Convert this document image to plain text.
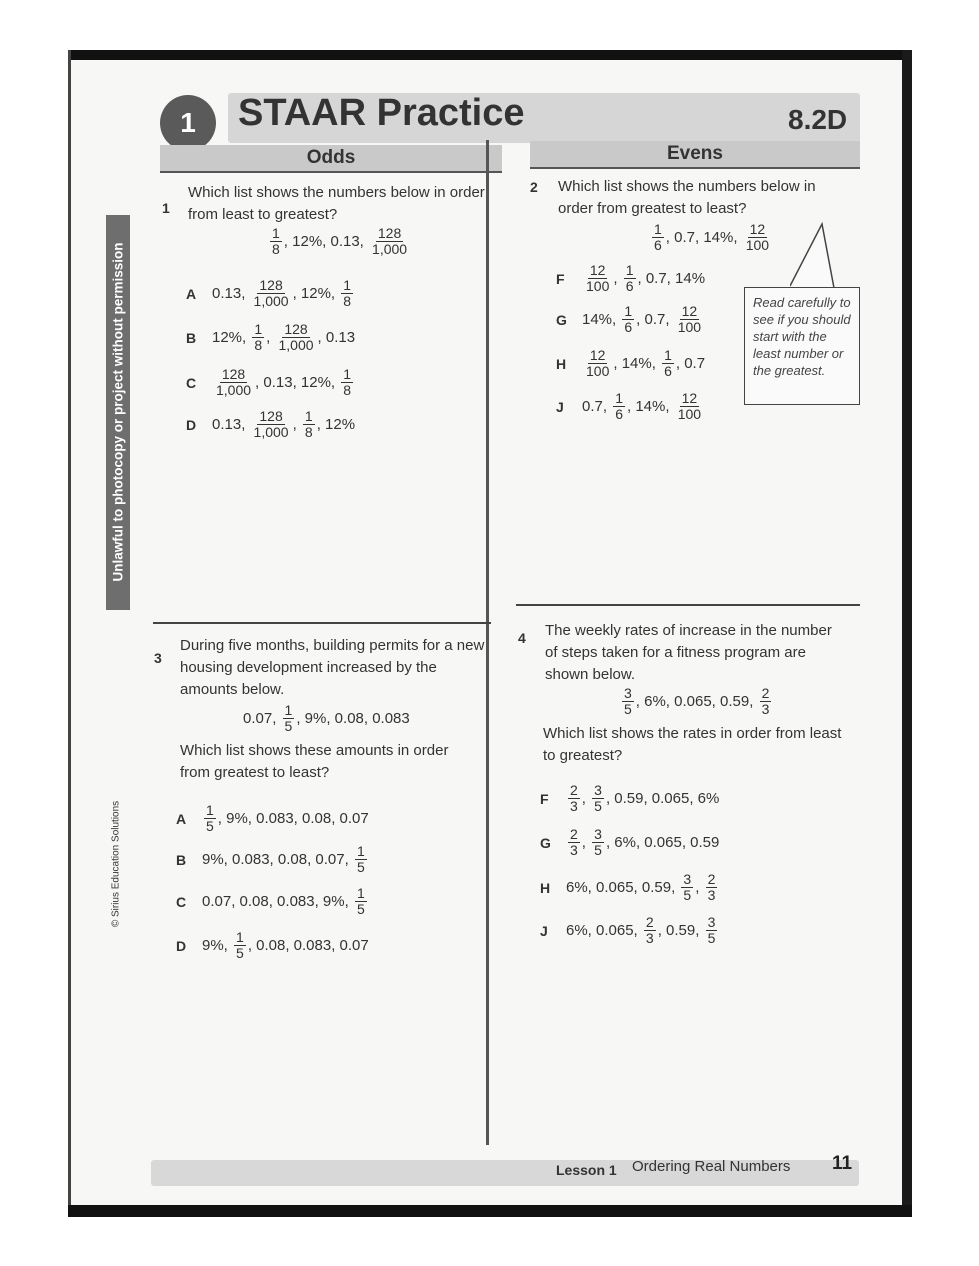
Unlawful to photocopy or project without permission
© Sirius Education Solutions
1	STAAR Practice	8.2D
Odds	Evens
1
Which list shows the numbers below in order from least to greatest?
$\frac{1}{8}$ , 12%, 0.13, $\frac{128}{1,000}$
A	0.13, $\frac{128}{1,000}$ , 12%, $\frac{1}{8}$
B	12%, $\frac{1}{8}$ , $\frac{128}{1,000}$ , 0.13
C	$\frac{128}{1,000}$ , 0.13, 12%, $\frac{1}{8}$
D	0.13, $\frac{128}{1,000}$ , $\frac{1}{8}$ , 12%
2 Which list shows the numbers below in order from greatest to least?
$\frac{1}{6}$ , 0.7, 14%, $\frac{12}{100}$
F	$\frac{12}{100}$ , $\frac{1}{6}$ , 0.7, 14%
G	14%, $\frac{1}{6}$ , 0.7, $\frac{12}{100}$
H	$\frac{12}{100}$ , 14%, $\frac{1}{6}$ , 0.7
J	0.7, $\frac{1}{6}$ , 14%, $\frac{12}{100}$
Read carefully to see if you should start with the least number or the greatest.
3
During five months, building permits for a new housing development increased by the amounts below.
0.07, $\frac{1}{5}$ , 9%, 0.08, 0.083
Which list shows these amounts in order from greatest to least?
A	$\frac{1}{5}$ , 9%, 0.083, 0.08, 0.07
B	9%, 0.083, 0.08, 0.07, $\frac{1}{5}$
C	0.07, 0.08, 0.083, 9%, $\frac{1}{5}$
D	9%, $\frac{1}{5}$ , 0.08, 0.083, 0.07
4 The weekly rates of increase in the number of steps taken for a fitness program are shown below.
$\frac{3}{5}$ , 6%, 0.065, 0.59, $\frac{2}{3}$
Which list shows the rates in order from least to greatest?
F	$\frac{2}{3}$ , $\frac{3}{5}$ , 0.59, 0.065, 6%
G	$\frac{2}{3}$ , $\frac{3}{5}$ , 6%, 0.065, 0.59
H	6%, 0.065, 0.59, $\frac{3}{5}$ , $\frac{2}{3}$
J	6%, 0.065, $\frac{2}{3}$ , 0.59, $\frac{3}{5}$
Lesson 1 Ordering Real Numbers 11
